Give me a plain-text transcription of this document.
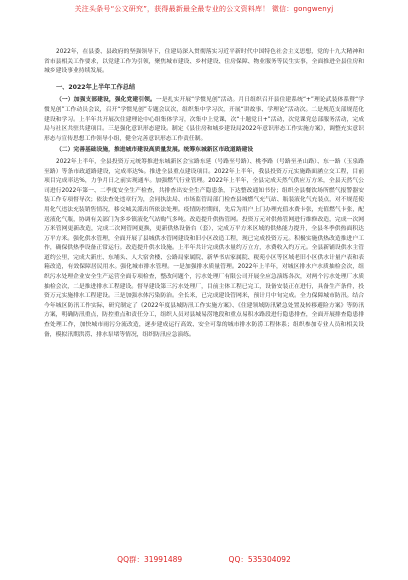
关注头条号“公文研究”，获得最新最全最专业的公文资料库！ 微信：gongwenyj

2022年，在县委、县政府的坚强领导下，住建局深入贯彻落实习近平新时代中国特色社会主义思想，党的十九大精神和省市县相关工作要求，以党建工作为引领，聚焦城市建设、乡村建设、住房保障、物业服务等民生实事，全面推进全县住房和城乡建设事业持续发展。

一、2022年上半年工作总结

（一）加强支部建设，强化党建引领。一是扎实开展“学惯见创”活动。月日组织召开县住建系统“+”理论武装体系暨“学惯见创”工作动员会议，召开“学惯见创”专题会议次，组织集中学习次，开展“讲故事、学理论”活动次。二是规范支部规范化建设和学习。上半年共开展次住建理论中心组集体学习，次集中上党课，次“十题党日+”活动，次党课党总部服务活动，完成局与社区共驻共建项目。三是强化意识形态建设。制定《县住房和城乡建设局2022年意识形态工作实施方案》，调整充实意识形态与宣传思想工作领导小组，健全完善意识形态工作责任制。

（二）完善基础设施，推进城市建设高质量发展。统筹东城新区市政道路建设

2022年上半年，全县投资万元统筹推进东城新区会宝路东延（号路至号路）、桃李路（号路至圣山路）、东一路（玉泉路至路）等条市政道路建设，完成率达%。推进全县重点建设项目。2022年上半年，我县投资万元实施路面涵立交工程，目前项目完成率达%，力争月日之前实现通车。加强燃气行业管理。2022年上半年，全县完成天然气供应万方米，全县天然气公司进行2022年第一、二季度安全生产检查，共排查出安全生产隐患条，下达整改通知书份；组织全县餐饮场所燃气报警器安装工作专项督导次；依法查处违章行为，会同执法局、市场监管局部门检查县城燃气充气站、瓶装液化气充装点，对不规范使用化气违法充装销售情况，移交城关派出所依法处理。疫情防控期间，先后为用户上门办理充值水费卡张，充值燃气卡张，配送液化气瓶，协调有关部门为多乡镇液化气站购气多吨。改造提升供热管网。投资万元对供热管网进行维修改造，完成一次网万米管网更新改造，完成二次网管网更换，更新供热设备台（套），完成万平方米区域的供热能力提升，全县冬季供热面积达万平方米。强化供水管理，全面开展了县城供水管网建设和旧小区改造工程，现已完成投资万元。积极实施供热改造推进户工作，确保供热季设备正常运行。改造提升供水设施。上半年共计完成供水量约万立方，水费收入约万元。全县新铺设供水主管道约公里，完成大新庄、东埔头、人大宿舍楼、公路局家属院、新华书店家属院、税苑小区等区域老旧小区供水计量户表和表箱改造，有效保障居民用水。强化城市排水管理。一是加强排水质量管理。2022年上半年，对城区排水户水质抽检会次，组织污水处理企业安全生产运营全面专项检查，整改问题个，污水处理厂有限公司开展全应急演练各次，对两个污水处理厂水质抽检会次，二是推进排水工程建设。督导建设第三污水处理厂，目前主体工程已完工，设备安装正在进行，具备生产条件，投资万元实施排水工程建设。三是加强水体污染防治。全长米，已完成建设管网米，预计月中旬完成。全力保障城市防汛。结合今年城区防汛工作实际，研究制定了《2022年度县城防汛工作实施方案》、《住建领域防汛紧急处置及转移避险方案》等防汛方案，明确防汛重点，防控重点和责任分工，组织人员对县城易涝地段和重点易积水路段进行隐患排查，全面开展排查隐患排查处理工作，加快城市雨污分流改造，逐步建成运行高效、安全可靠的城市排水防涝工程体系；组织参加专业人员和相关设备，模拟汛期洪涝、排水泵堵等情况，组织防汛应急演练。

QQ群：31991489	QQ：535304092
